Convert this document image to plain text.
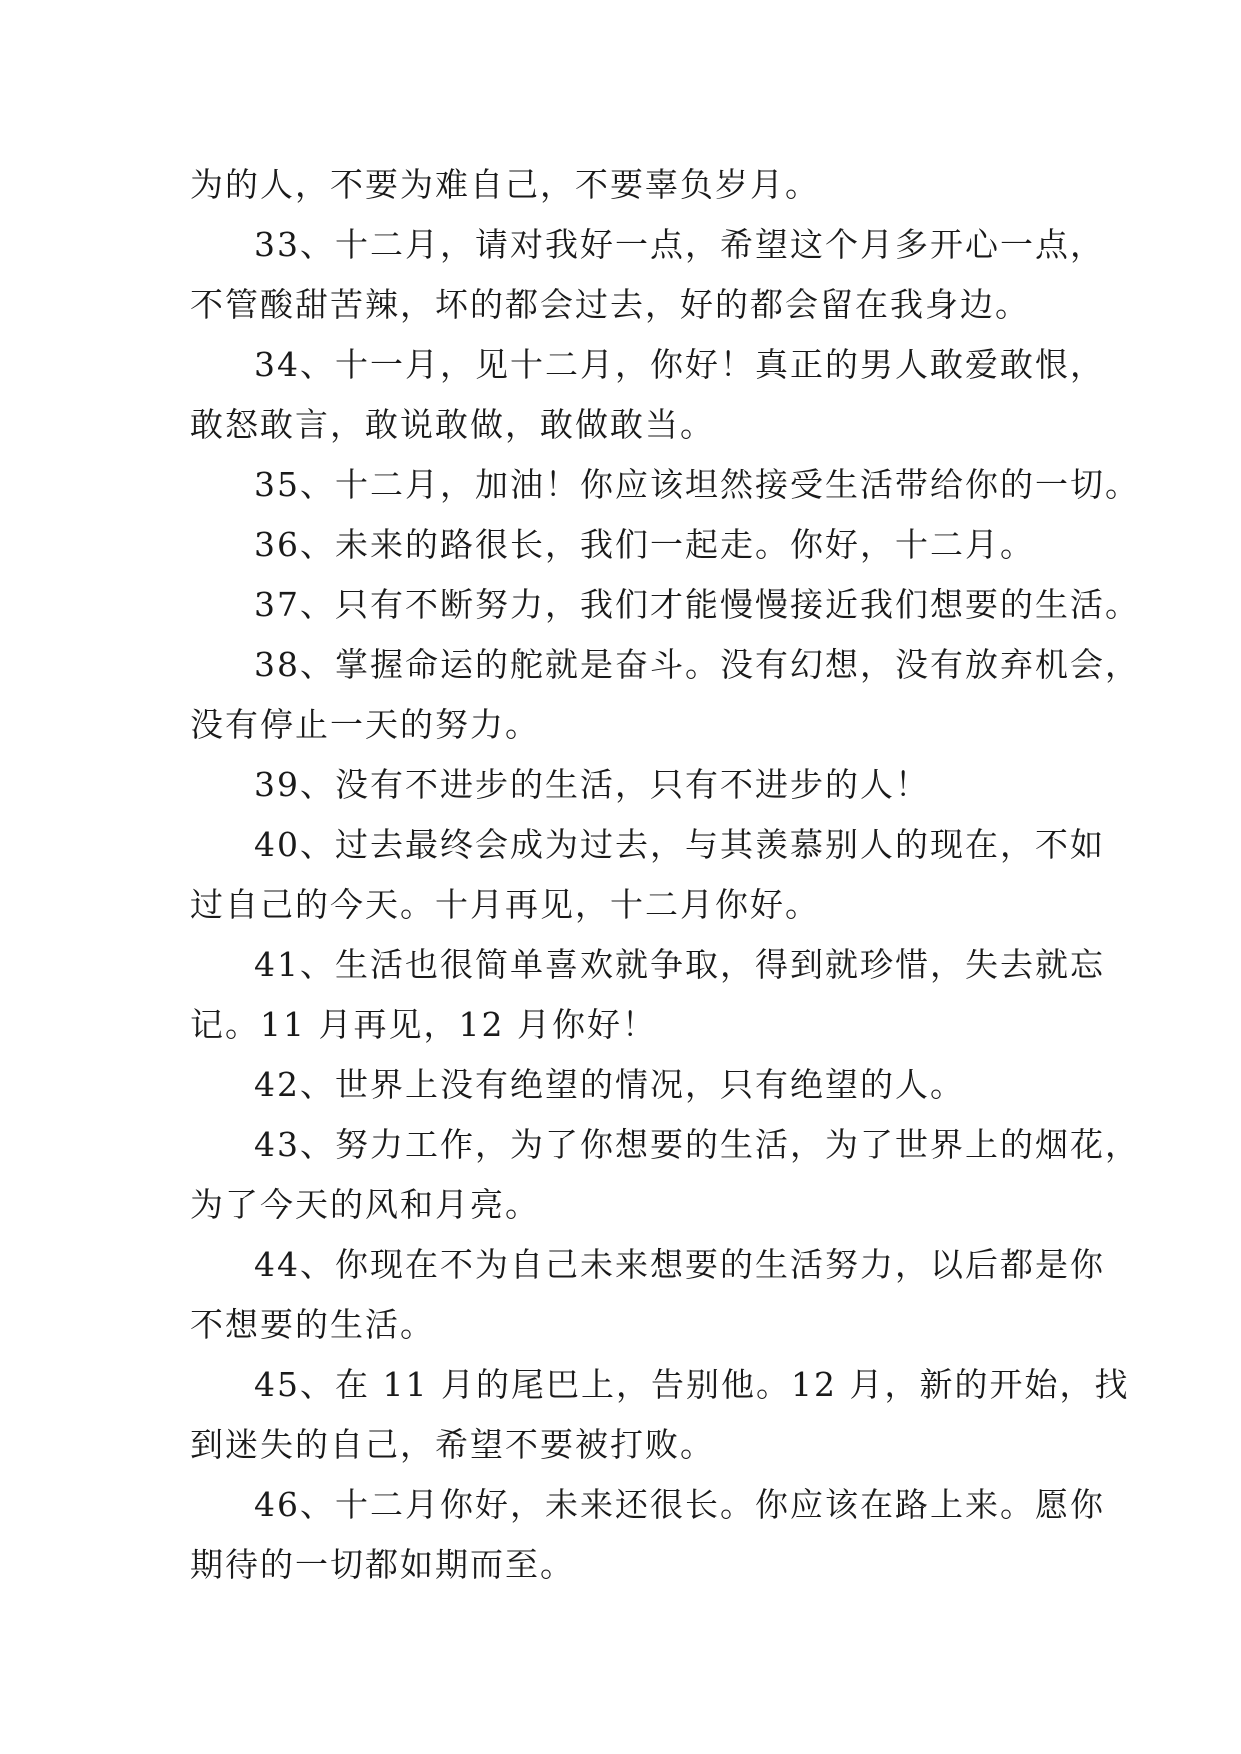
为的人，不要为难自己，不要辜负岁月。
33、十二月，请对我好一点，希望这个月多开心一点，
不管酸甜苦辣，坏的都会过去，好的都会留在我身边。
34、十一月，见十二月，你好！真正的男人敢爱敢恨，
敢怒敢言，敢说敢做，敢做敢当。
35、十二月，加油！你应该坦然接受生活带给你的一切。
36、未来的路很长，我们一起走。你好，十二月。
37、只有不断努力，我们才能慢慢接近我们想要的生活。
38、掌握命运的舵就是奋斗。没有幻想，没有放弃机会，
没有停止一天的努力。
39、没有不进步的生活，只有不进步的人！
40、过去最终会成为过去，与其羡慕别人的现在，不如
过自己的今天。十月再见，十二月你好。
41、生活也很简单喜欢就争取，得到就珍惜，失去就忘
记。11 月再见，12 月你好！
42、世界上没有绝望的情况，只有绝望的人。
43、努力工作，为了你想要的生活，为了世界上的烟花，
为了今天的风和月亮。
44、你现在不为自己未来想要的生活努力，以后都是你
不想要的生活。
45、在 11 月的尾巴上，告别他。12 月，新的开始，找
到迷失的自己，希望不要被打败。
46、十二月你好，未来还很长。你应该在路上来。愿你
期待的一切都如期而至。
